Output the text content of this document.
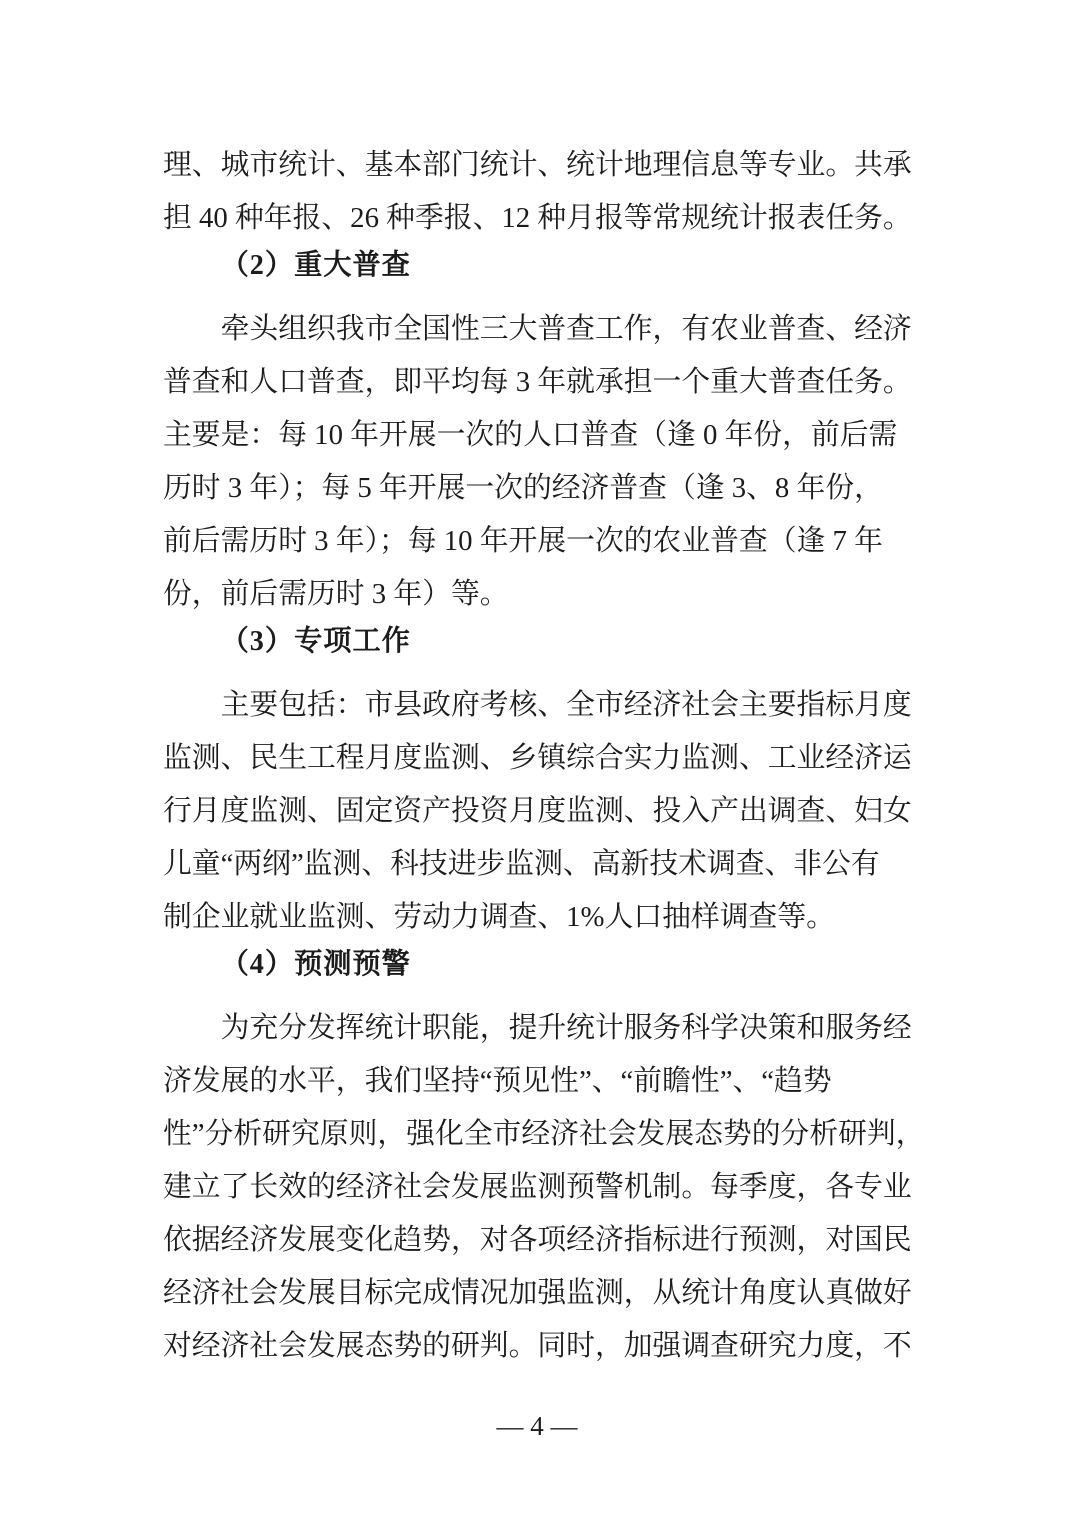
理、城市统计、基本部门统计、统计地理信息等专业。共承
担 40 种年报、26 种季报、12 种月报等常规统计报表任务。
（2）重大普查
牵头组织我市全国性三大普查工作，有农业普查、经济
普查和人口普查，即平均每 3 年就承担一个重大普查任务。
主要是：每 10 年开展一次的人口普查（逢 0 年份，前后需
历时 3 年）；每 5 年开展一次的经济普查（逢 3、8 年份，
前后需历时 3 年）；每 10 年开展一次的农业普查（逢 7 年
份，前后需历时 3 年）等。
（3）专项工作
主要包括：市县政府考核、全市经济社会主要指标月度
监测、民生工程月度监测、乡镇综合实力监测、工业经济运
行月度监测、固定资产投资月度监测、投入产出调查、妇女
儿童“两纲”监测、科技进步监测、高新技术调查、非公有
制企业就业监测、劳动力调查、1%人口抽样调查等。
（4）预测预警
为充分发挥统计职能，提升统计服务科学决策和服务经
济发展的水平，我们坚持“预见性”、“前瞻性”、“趋势
性”分析研究原则，强化全市经济社会发展态势的分析研判，
建立了长效的经济社会发展监测预警机制。每季度，各专业
依据经济发展变化趋势，对各项经济指标进行预测，对国民
经济社会发展目标完成情况加强监测，从统计角度认真做好
对经济社会发展态势的研判。同时，加强调查研究力度，不
— 4 —
